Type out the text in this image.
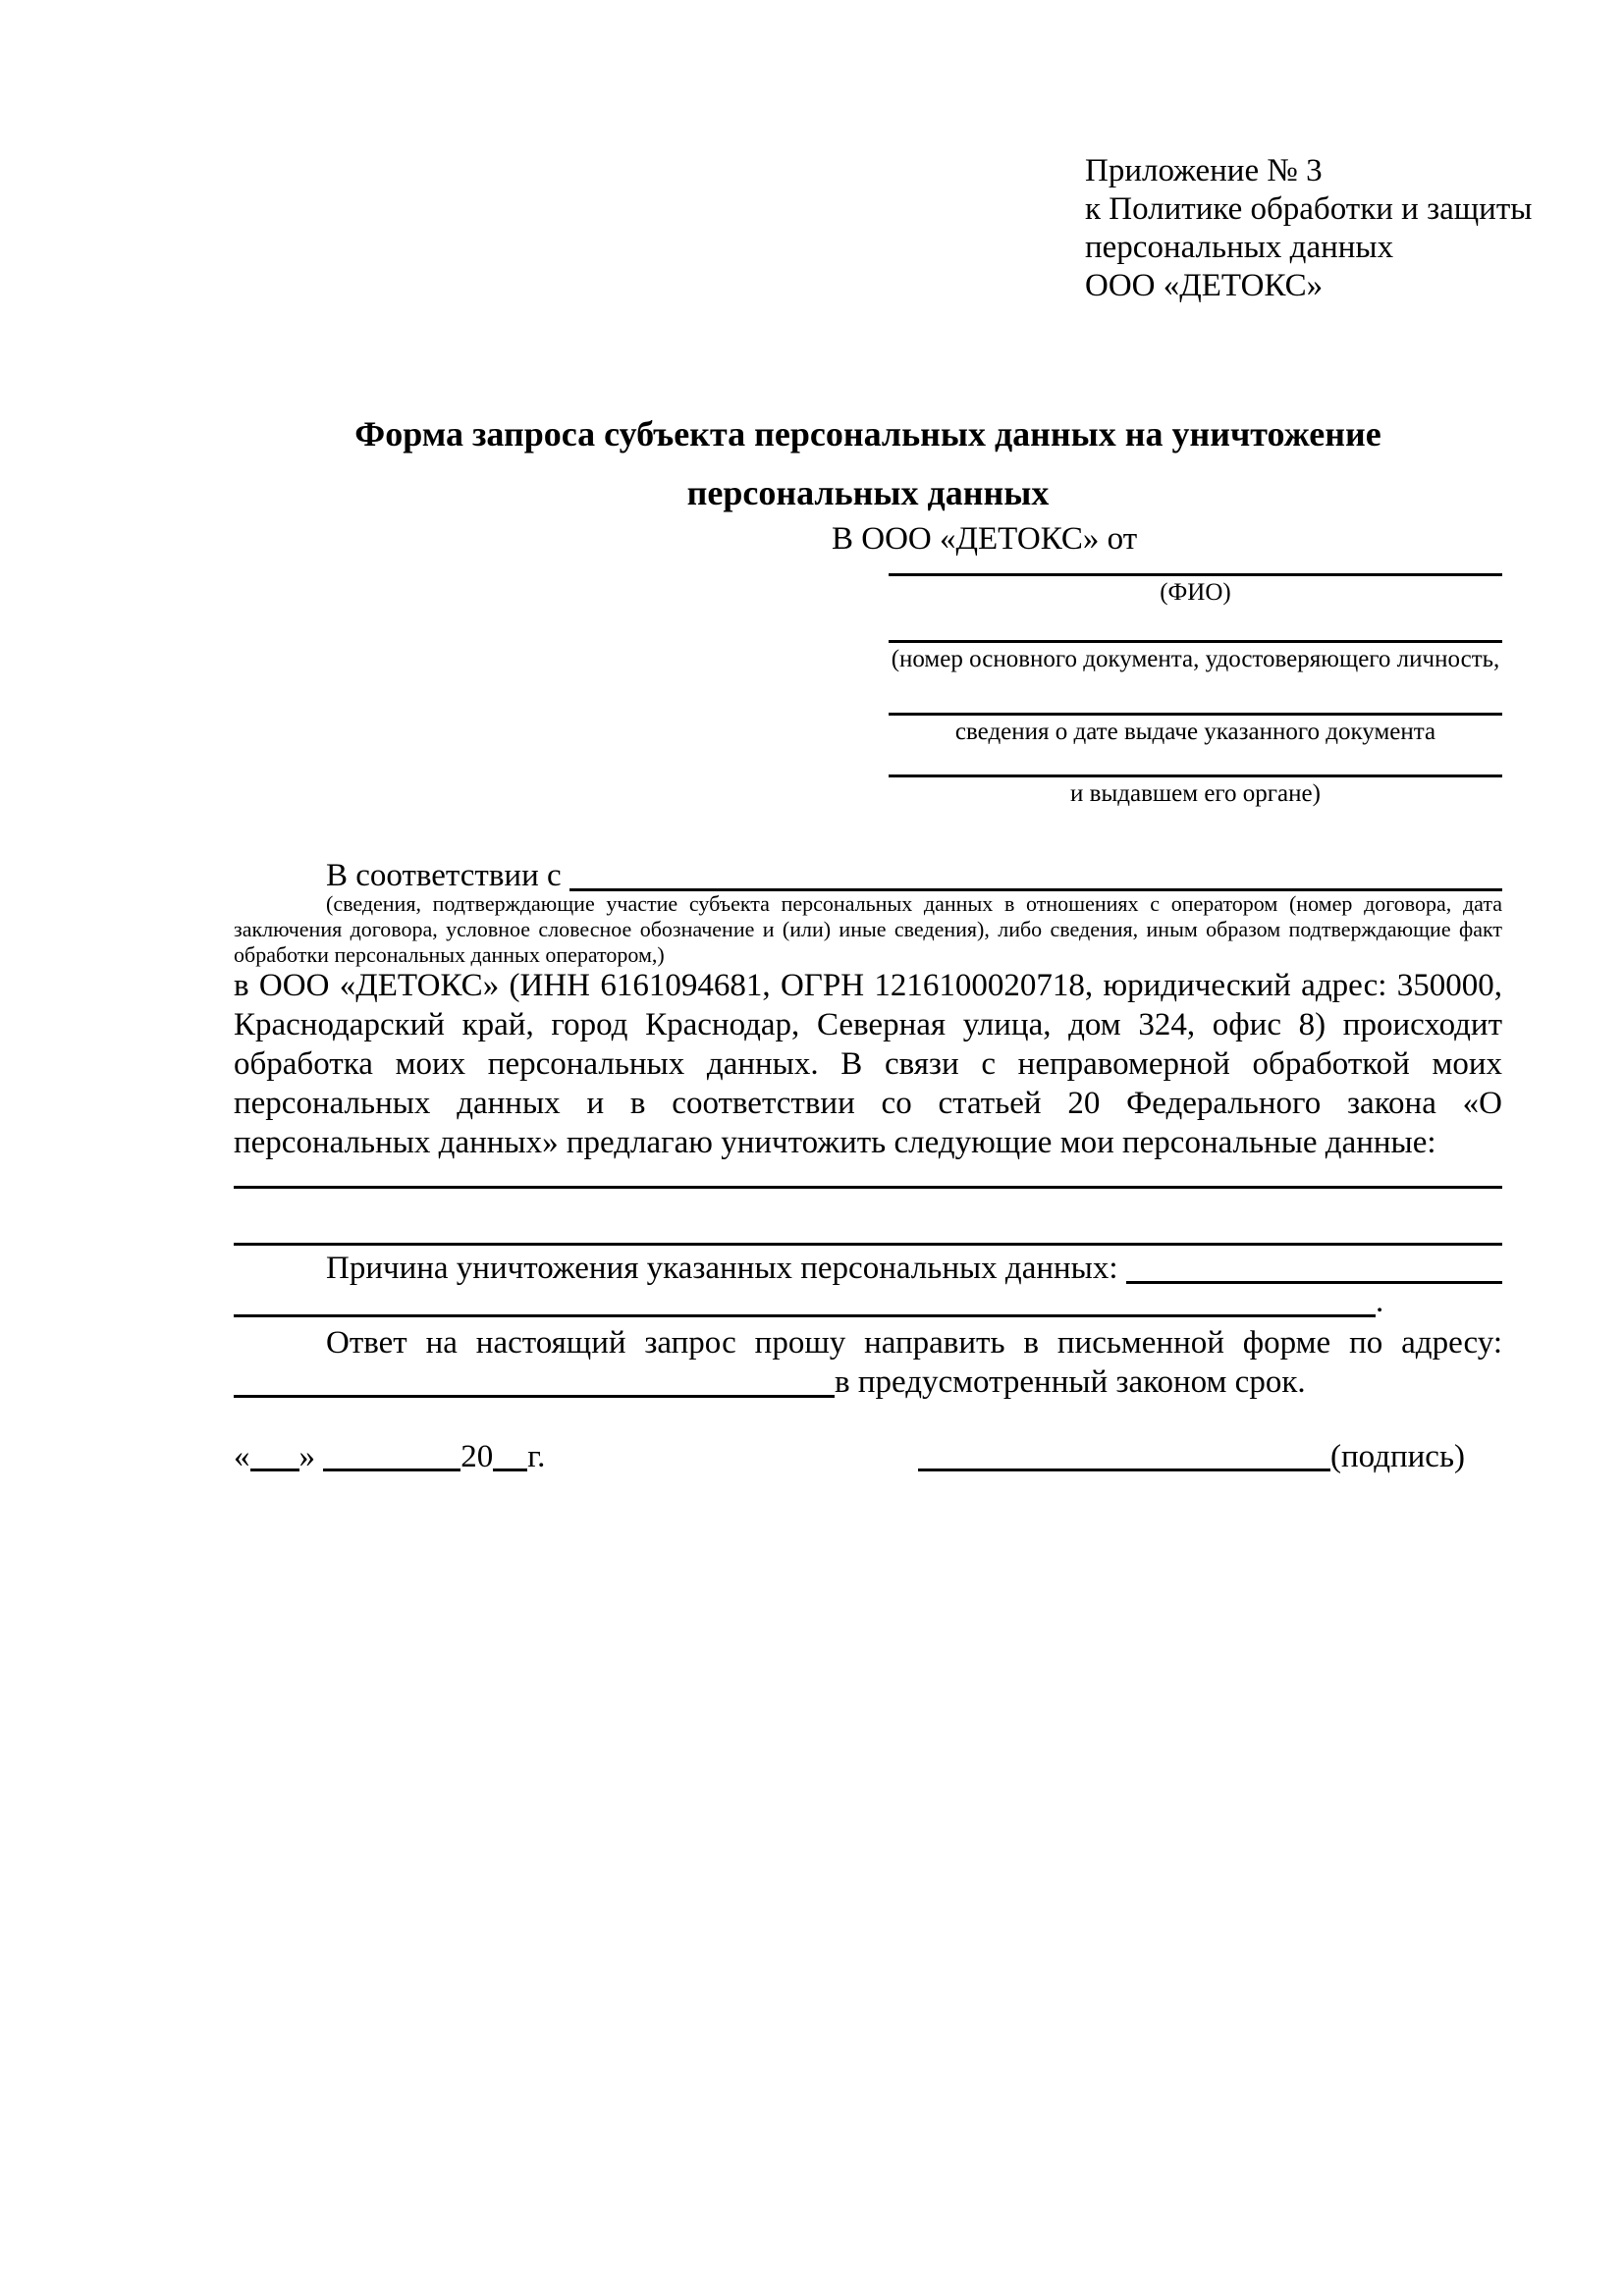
Приложение № 3
к Политике обработки и защиты
персональных данных
ООО «ДЕТОКС»
Форма запроса субъекта персональных данных на уничтожение
персональных данных
В ООО «ДЕТОКС» от
(ФИО)
(номер основного документа, удостоверяющего личность,
сведения о дате выдаче указанного документа
и выдавшем его органе)
В соответствии с
(сведения, подтверждающие участие субъекта персональных данных в отношениях с оператором (номер договора, дата
заключения договора, условное словесное обозначение и (или) иные сведения), либо сведения, иным образом подтверждающие факт
обработки персональных данных оператором,)
в ООО «ДЕТОКС» (ИНН 6161094681, ОГРН 1216100020718, юридический адрес: 350000,
Краснодарский край, город Краснодар, Северная улица, дом 324, офис 8) происходит
обработка моих персональных данных. В связи с неправомерной обработкой моих
персональных данных и в соответствии со статьей 20 Федерального закона «О
персональных данных» предлагаю уничтожить следующие мои персональные данные:
Причина уничтожения указанных персональных данных:
.
Ответ на настоящий запрос прошу направить в письменной форме по адресу:
в предусмотренный законом срок.
« »	20 г.	(подпись)
